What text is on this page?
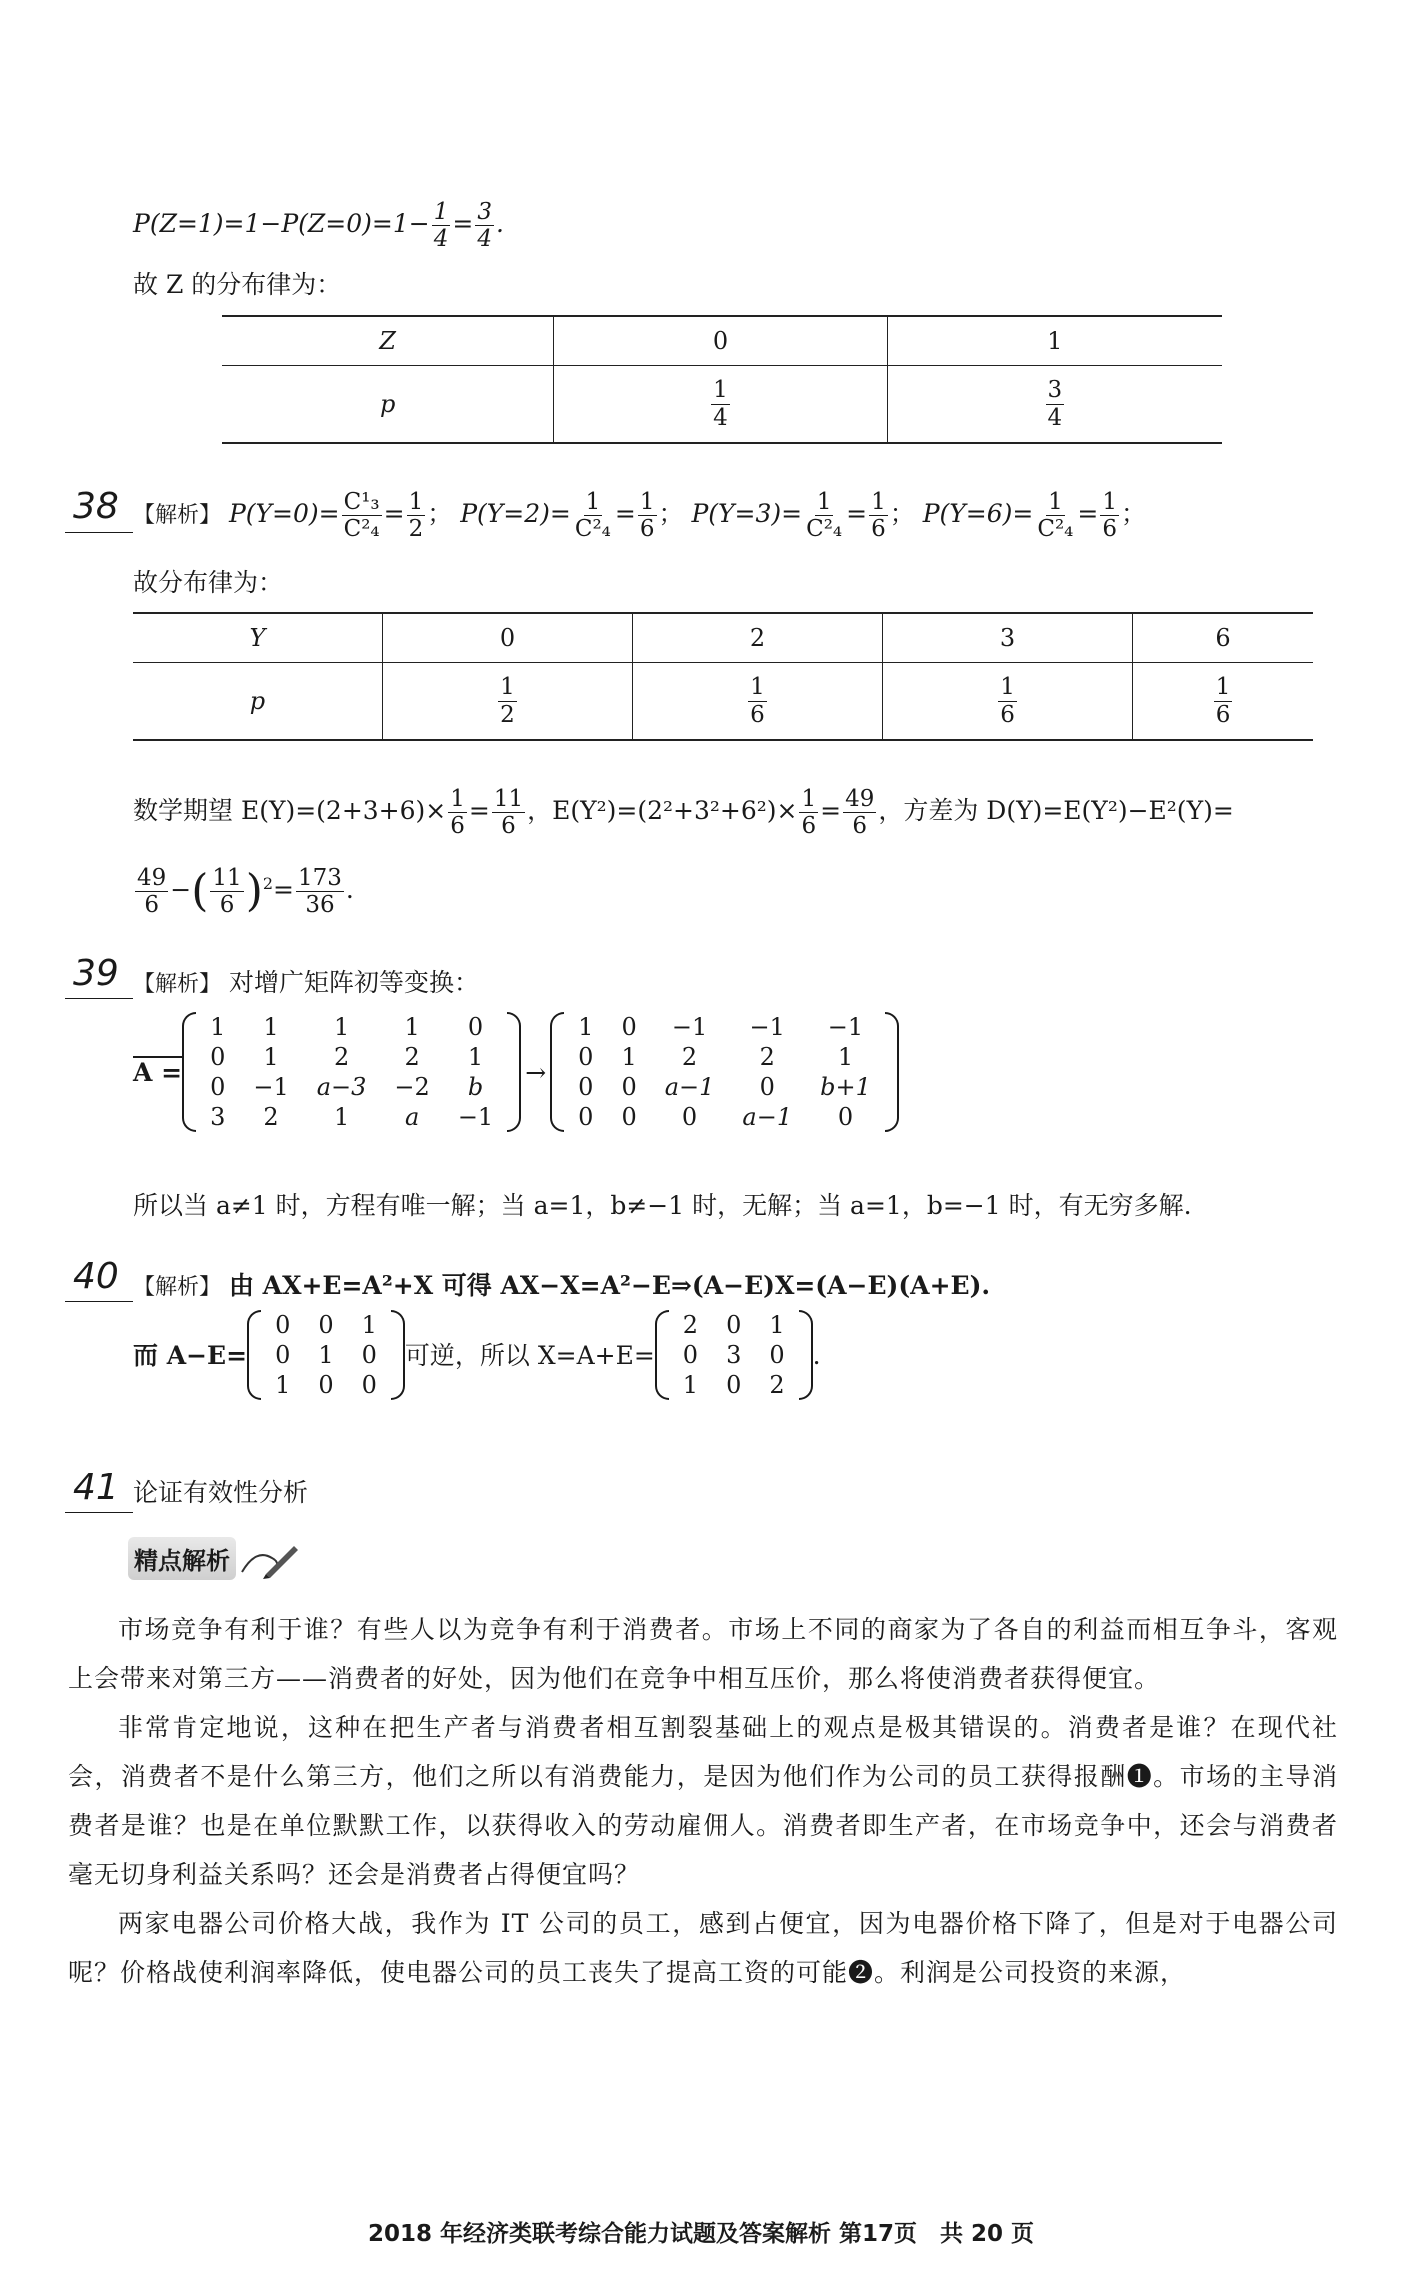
$P(Z=1)=1-P(Z=0)=1- \frac{1}{4} = \frac{3}{4}$ .
故 Z 的分布律为：
Z	0	1
p	$\frac{1}{4}$	$\frac{3}{4}$
38 【解析】 $P(Y=0)= \frac{\text{C¹₃}}{\text{C²₄}} = \frac{1}{2}$ ； $P(Y=2)= \frac{1}{\text{C²₄}} = \frac{1}{6}$ ； $P(Y=3)= \frac{1}{\text{C²₄}} = \frac{1}{6}$ ； $P(Y=6)= \frac{1}{\text{C²₄}} = \frac{1}{6}$ ；
故分布律为：
Y	0	2	3	6
p	$\frac{1}{2}$	$\frac{1}{6}$	$\frac{1}{6}$	$\frac{1}{6}$
数学期望 $E(Y)=(2+3+6)\times \frac{1}{6} = \frac{11}{6}$ ，$E(Y^2)=(2^2+3^2+6^2)\times \frac{1}{6} = \frac{49}{6}$ ，方差为 D(Y)=E(Y²)−E²(Y)=
$\frac{49}{6}$ −( $\frac{11}{6} )^2= \frac{173}{36}$ .
39 【解析】 对增广矩阵初等变换：
A =
1	1	1	1	0
0	1	2	2	1
0	−1	a−3	−2	b
3	2	1	a	−1
→
1	0	−1	−1	−1
0	1	2	2	1
0	0	a−1	0	b+1
0	0	0	a−1	0
所以当 a≠1 时，方程有唯一解；当 a=1，b≠−1 时，无解；当 a=1，b=−1 时，有无穷多解.
40 【解析】 由 AX+E=A²+X 可得 AX−X=A²−E⇒(A−E)X=(A−E)(A+E).
而 A−E=
0	0	1
0	1	0
1	0	0
可逆，所以 X=A+E=
2	0	1
0	3	0
1	0	2
.
41 论证有效性分析
精点解析

市场竞争有利于谁？有些人以为竞争有利于消费者。市场上不同的商家为了各自的利益而相互争斗，客观上会带来对第三方——消费者的好处，因为他们在竞争中相互压价，那么将使消费者获得便宜。

非常肯定地说，这种在把生产者与消费者相互割裂基础上的观点是极其错误的。消费者是谁？在现代社会，消费者不是什么第三方，他们之所以有消费能力，是因为他们作为公司的员工获得报酬❶。市场的主导消费者是谁？也是在单位默默工作，以获得收入的劳动雇佣人。消费者即生产者，在市场竞争中，还会与消费者毫无切身利益关系吗？还会是消费者占得便宜吗？

两家电器公司价格大战，我作为 IT 公司的员工，感到占便宜，因为电器价格下降了，但是对于电器公司呢？价格战使利润率降低，使电器公司的员工丧失了提高工资的可能❷。利润是公司投资的来源，

2018 年经济类联考综合能力试题及答案解析 第17页　共 20 页
